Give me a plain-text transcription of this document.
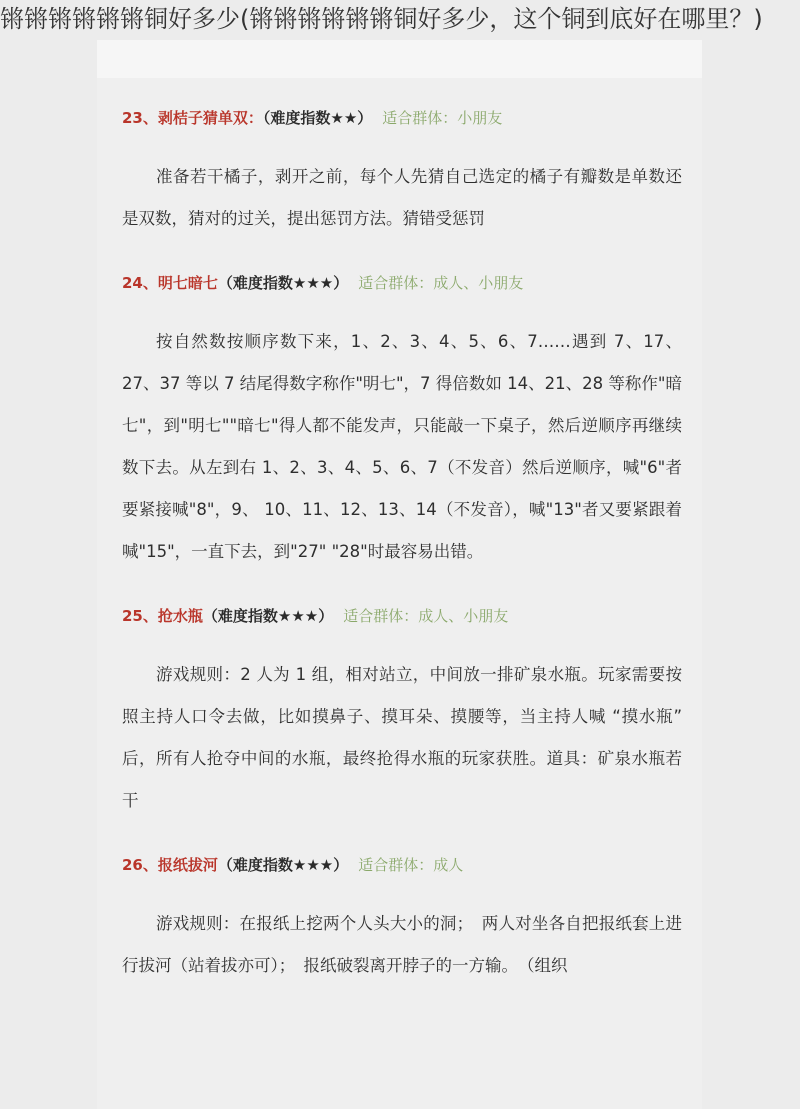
锵锵锵锵锵锵铜好多少(锵锵锵锵锵锵铜好多少，这个铜到底好在哪里？)
23、剥桔子猜单双：（难度指数★★） 适合群体：小朋友
准备若干橘子，剥开之前，每个人先猜自己选定的橘子有瓣数是单数还是双数，猜对的过关，提出惩罚方法。猜错受惩罚
24、明七暗七（难度指数★★★） 适合群体：成人、小朋友
按自然数按顺序数下来，1、2、3、4、5、6、7……遇到 7、17、27、37 等以 7 结尾得数字称作"明七"，7 得倍数如 14、21、28 等称作"暗七"，到"明七""暗七"得人都不能发声，只能敲一下桌子，然后逆顺序再继续数下去。从左到右 1、2、3、4、5、6、7（不发音）然后逆顺序，喊"6"者要紧接喊"8"，9、 10、11、12、13、14（不发音），喊"13"者又要紧跟着喊"15"，一直下去，到"27" "28"时最容易出错。
25、抢水瓶（难度指数★★★） 适合群体：成人、小朋友
游戏规则：2 人为 1 组，相对站立，中间放一排矿泉水瓶。玩家需要按照主持人口令去做，比如摸鼻子、摸耳朵、摸腰等，当主持人喊 “摸水瓶” 后，所有人抢夺中间的水瓶，最终抢得水瓶的玩家获胜。道具：矿泉水瓶若干
26、报纸拔河（难度指数★★★） 适合群体：成人
游戏规则：在报纸上挖两个人头大小的洞；　两人对坐各自把报纸套上进行拔河（站着拔亦可）；　报纸破裂离开脖子的一方输。　（组织
